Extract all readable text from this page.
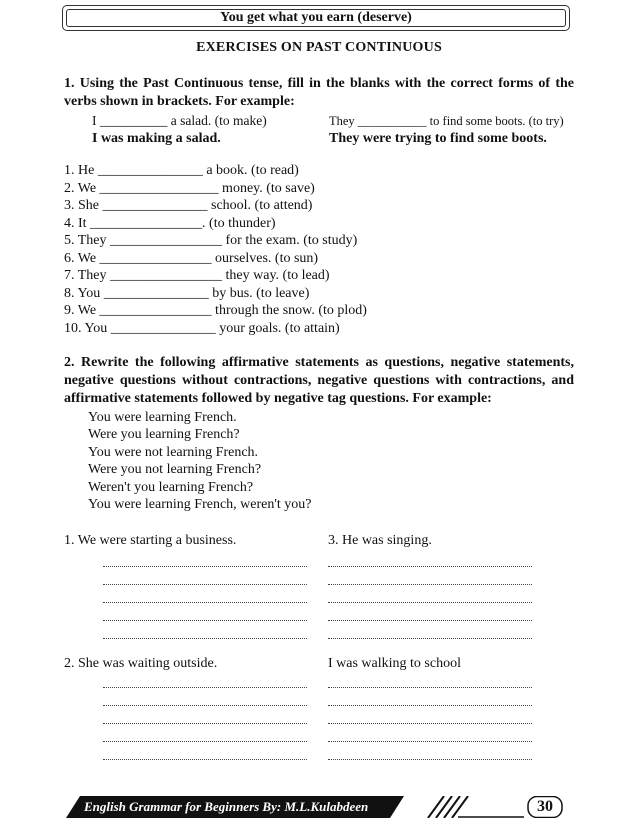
You get what you earn (deserve)
EXERCISES ON PAST CONTINUOUS
1. Using the Past Continuous tense, fill in the blanks with the correct forms of the verbs shown in brackets. For example:
I __________ a salad. (to make)	They ___________ to find some boots. (to try)
I was making a salad.	They were trying to find some boots.
1. He _______________ a book. (to read)
2. We _________________ money. (to save)
3. She _______________ school. (to attend)
4. It ________________. (to thunder)
5. They ________________ for the exam. (to study)
6. We ________________ ourselves. (to sun)
7. They ________________ they way. (to lead)
8. You _______________ by bus. (to leave)
9. We ________________ through the snow. (to plod)
10. You _______________ your goals. (to attain)
2. Rewrite the following affirmative statements as questions, negative statements, negative questions without contractions, negative questions with contractions, and affirmative statements followed by negative tag questions. For example:
You were learning French.
Were you learning French?
You were not learning French.
Were you not learning French?
Weren't you learning French?
You were learning French, weren't you?
1. We were starting a business.	3. He was singing.
2. She was waiting outside.	I was walking to school
English Grammar for Beginners By: M.L.Kulabdeen	30
